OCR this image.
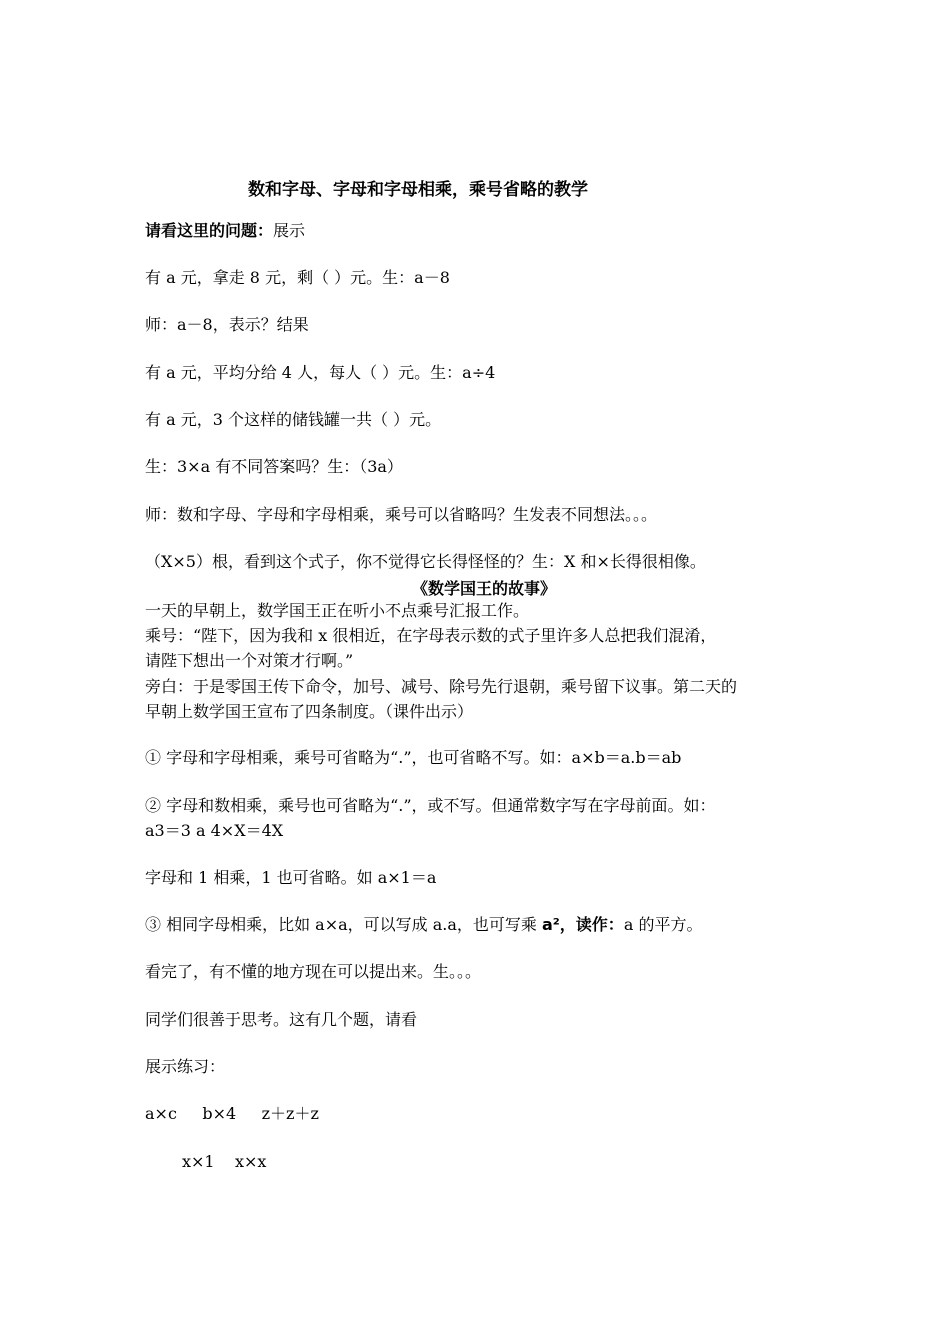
数和字母、字母和字母相乘，乘号省略的教学
请看这里的问题：展示
有 a 元，拿走 8 元，剩（ ）元。生：a－8
师：a－8，表示？结果
有 a 元，平均分给 4 人，每人（ ）元。生：a÷4
有 a 元，3 个这样的储钱罐一共（ ）元。
生：3×a 有不同答案吗？生：（3a）
师：数和字母、字母和字母相乘，乘号可以省略吗？生发表不同想法。。。
（X×5）根，看到这个式子，你不觉得它长得怪怪的？生：X 和×长得很相像。
《数学国王的故事》
一天的早朝上，数学国王正在听小不点乘号汇报工作。
乘号：“陛下，因为我和 x 很相近，在字母表示数的式子里许多人总把我们混淆，
请陛下想出一个对策才行啊。”
旁白：于是零国王传下命令，加号、减号、除号先行退朝，乘号留下议事。第二天的
早朝上数学国王宣布了四条制度。（课件出示）
① 字母和字母相乘，乘号可省略为“.”，也可省略不写。如：a×b＝a.b＝ab
② 字母和数相乘，乘号也可省略为“.”，或不写。但通常数字写在字母前面。如：
a3＝3 a 4×X＝4X
字母和 1 相乘，1 也可省略。如 a×1＝a
③ 相同字母相乘，比如 a×a，可以写成 a.a，也可写乘 a²，读作：a 的平方。
看完了，有不懂的地方现在可以提出来。生。。。
同学们很善于思考。这有几个题，请看
展示练习：
a×c     b×4     z＋z＋z
x×1    x×x
